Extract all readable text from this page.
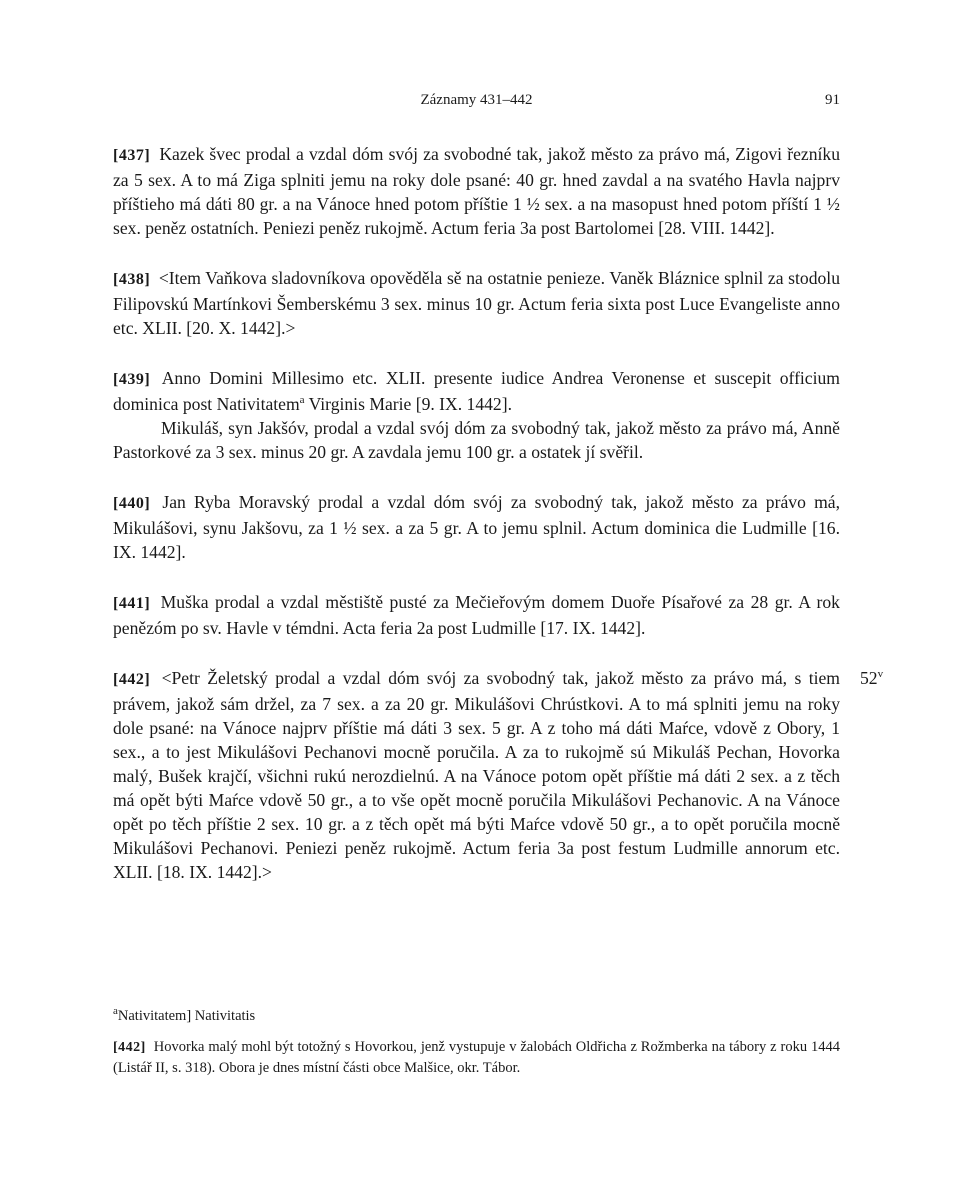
Záznamy 431–442	91

[437] Kazek švec prodal a vzdal dóm svój za svobodné tak, jakož město za právo má, Zigovi řezníku za 5 sex. A to má Ziga splniti jemu na roky dole psané: 40 gr. hned zavdal a na svatého Havla najprv příštieho má dáti 80 gr. a na Vánoce hned potom příštie 1 ½ sex. a na masopust hned potom příští 1 ½ sex. peněz ostatních. Peniezi peněz rukojmě. Actum feria 3a post Bartolomei [28. VIII. 1442].

[438] <Item Vaňkova sladovníkova opověděla sě na ostatnie penieze. Vaněk Bláznice splnil za stodolu Filipovskú Martínkovi Šemberskému 3 sex. minus 10 gr. Actum feria sixta post Luce Evangeliste anno etc. XLII. [20. X. 1442].>

[439] Anno Domini Millesimo etc. XLII. presente iudice Andrea Veronense et suscepit officium dominica post Nativitatem$^a$ Virginis Marie [9. IX. 1442].

Mikuláš, syn Jakšóv, prodal a vzdal svój dóm za svobodný tak, jakož město za právo má, Anně Pastorkové za 3 sex. minus 20 gr. A zavdala jemu 100 gr. a ostatek jí svěřil.

[440] Jan Ryba Moravský prodal a vzdal dóm svój za svobodný tak, jakož město za právo má, Mikulášovi, synu Jakšovu, za 1 ½ sex. a za 5 gr. A to jemu splnil. Actum dominica die Ludmille [16. IX. 1442].

[441] Muška prodal a vzdal městiště pusté za Mečieřovým domem Duoře Písařové za 28 gr. A rok penězóm po sv. Havle v témdni. Acta feria 2a post Ludmille [17. IX. 1442].

52$^v$

[442] <Petr Želetský prodal a vzdal dóm svój za svobodný tak, jakož město za právo má, s tiem právem, jakož sám držel, za 7 sex. a za 20 gr. Mikulášovi Chrústkovi. A to má splniti jemu na roky dole psané: na Vánoce najprv příštie má dáti 3 sex. 5 gr. A z toho má dáti Maŕce, vdově z Obory, 1 sex., a to jest Mikulášovi Pechanovi mocně poručila. A za to rukojmě sú Mikuláš Pechan, Hovorka malý, Bušek krajčí, všichni rukú nerozdielnú. A na Vánoce potom opět příštie má dáti 2 sex. a z těch má opět býti Maŕce vdově 50 gr., a to vše opět mocně poručila Mikulášovi Pechanovic. A na Vánoce opět po těch příštie 2 sex. 10 gr. a z těch opět má býti Maŕce vdově 50 gr., a to opět poručila mocně Mikulášovi Pechanovi. Peniezi peněz rukojmě. Actum feria 3a post festum Ludmille annorum etc. XLII. [18. IX. 1442].>

$^a$Nativitatem] Nativitatis

[442] Hovorka malý mohl být totožný s Hovorkou, jenž vystupuje v žalobách Oldřicha z Rožmberka na tábory z roku 1444 (Listář II, s. 318). Obora je dnes místní části obce Malšice, okr. Tábor.
